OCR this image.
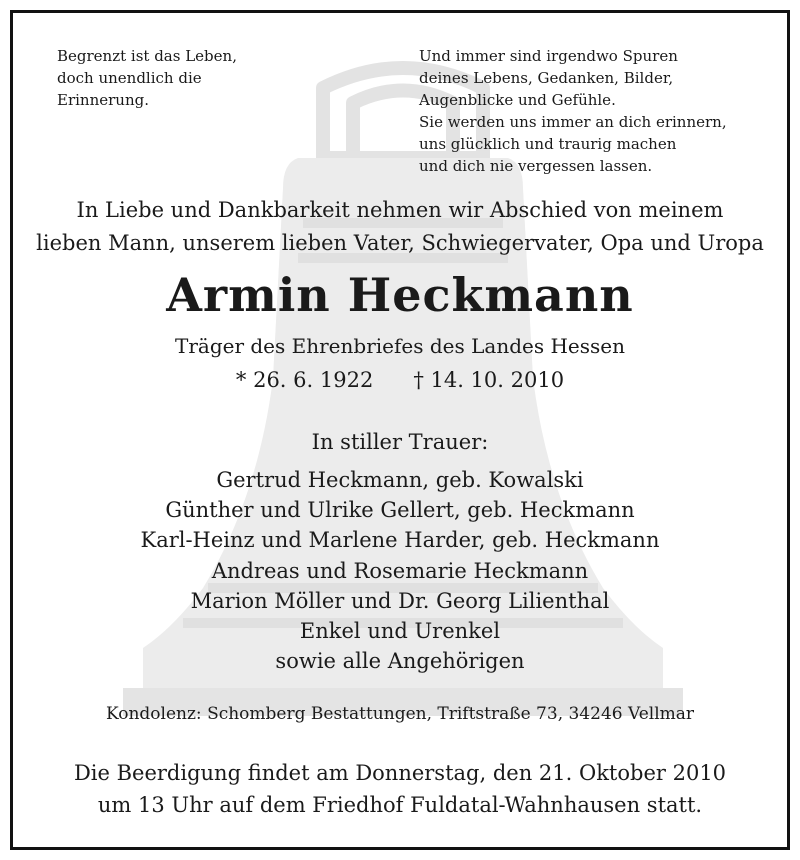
Begrenzt ist das Leben,
doch unendlich die
Erinnerung.
Und immer sind irgendwo Spuren
deines Lebens, Gedanken, Bilder,
Augenblicke und Gefühle.
Sie werden uns immer an dich erinnern,
uns glücklich und traurig machen
und dich nie vergessen lassen.
In Liebe und Dankbarkeit nehmen wir Abschied von meinem
lieben Mann, unserem lieben Vater, Schwiegervater, Opa und Uropa
Armin Heckmann
Träger des Ehrenbriefes des Landes Hessen
* 26. 6. 1922 † 14. 10. 2010
In stiller Trauer:
Gertrud Heckmann, geb. Kowalski
Günther und Ulrike Gellert, geb. Heckmann
Karl-Heinz und Marlene Harder, geb. Heckmann
Andreas und Rosemarie Heckmann
Marion Möller und Dr. Georg Lilienthal
Enkel und Urenkel
sowie alle Angehörigen
Kondolenz: Schomberg Bestattungen, Triftstraße 73, 34246 Vellmar
Die Beerdigung findet am Donnerstag, den 21. Oktober 2010
um 13 Uhr auf dem Friedhof Fuldatal-Wahnhausen statt.
